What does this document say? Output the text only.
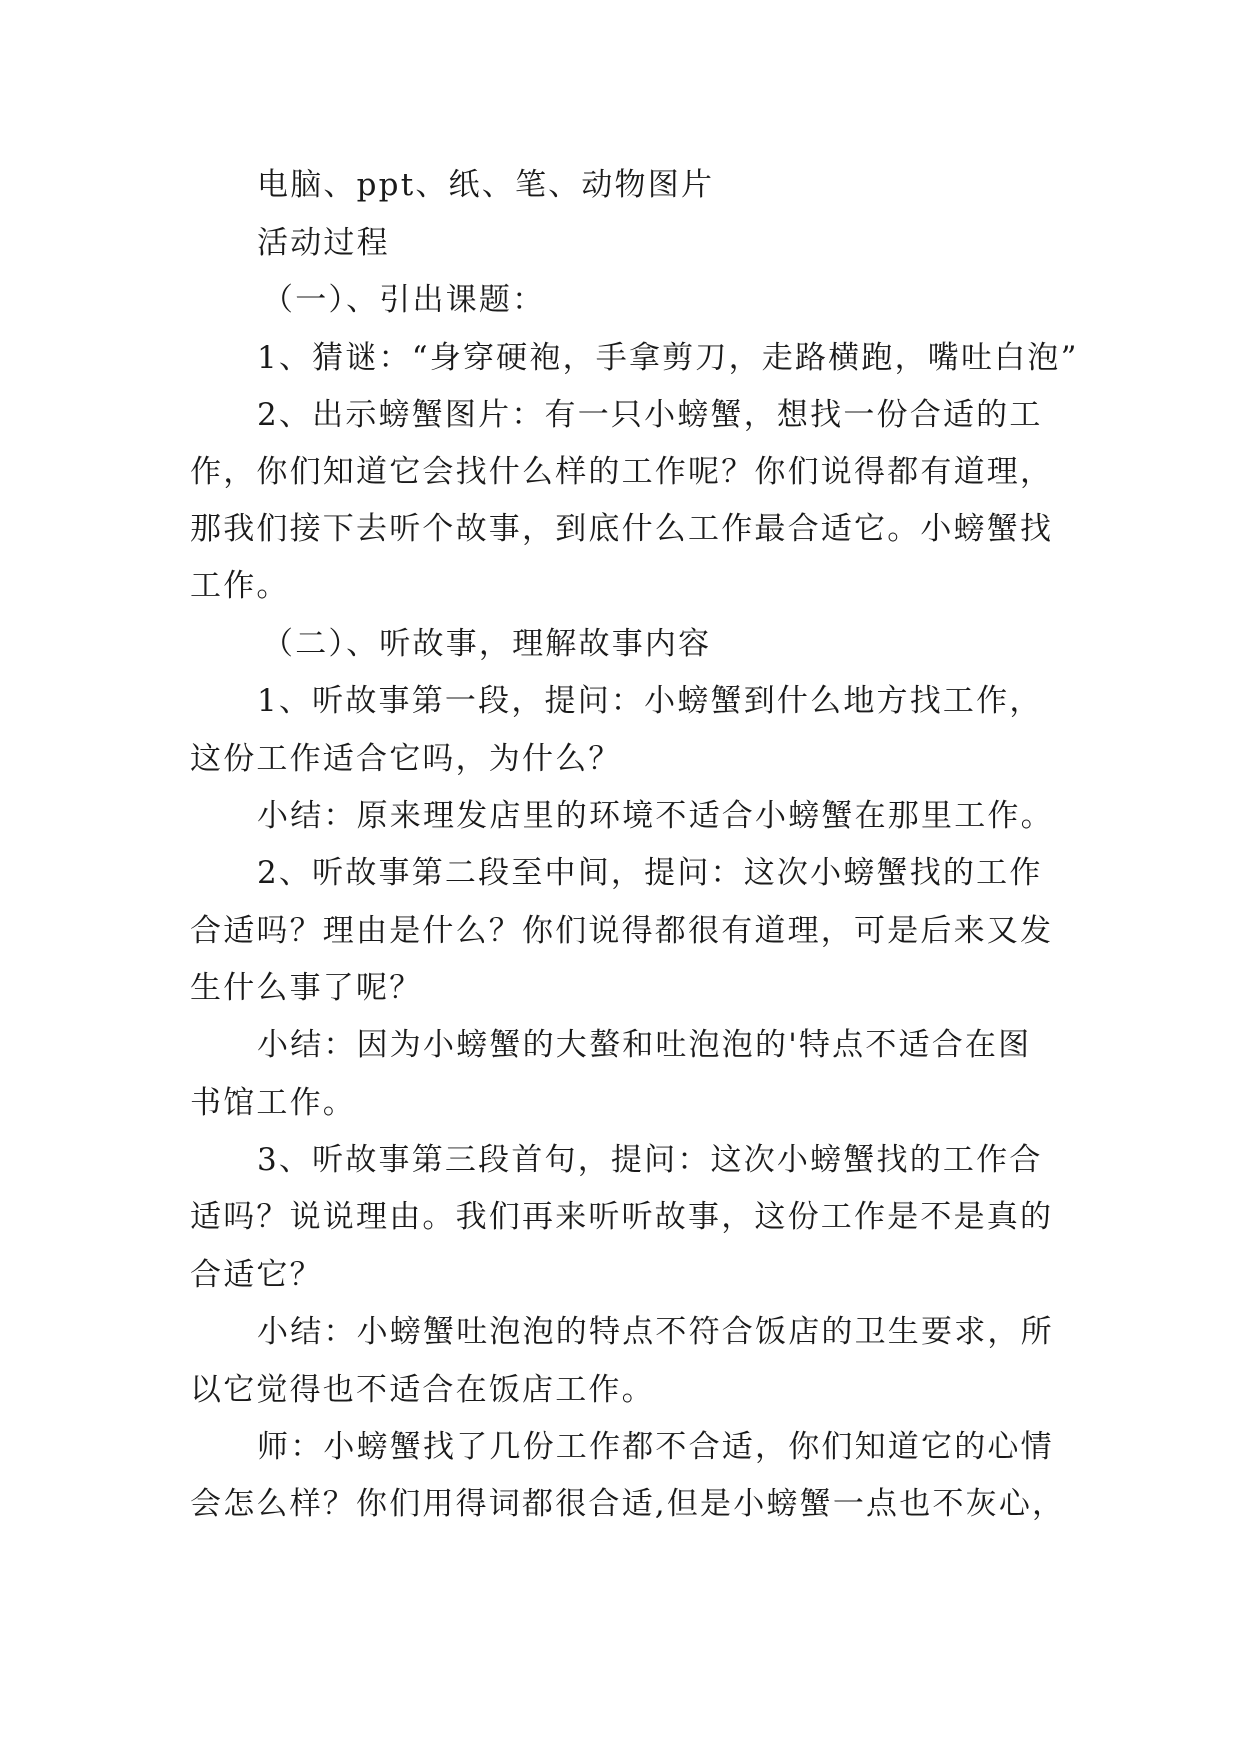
电脑、ppt、纸、笔、动物图片
活动过程
（一）、引出课题：
1、猜谜：“身穿硬袍，手拿剪刀，走路横跑，嘴吐白泡”
2、出示螃蟹图片：有一只小螃蟹，想找一份合适的工
作，你们知道它会找什么样的工作呢？你们说得都有道理，
那我们接下去听个故事，到底什么工作最合适它。小螃蟹找
工作。
（二）、听故事，理解故事内容
1、听故事第一段，提问：小螃蟹到什么地方找工作，
这份工作适合它吗，为什么？
小结：原来理发店里的环境不适合小螃蟹在那里工作。
2、听故事第二段至中间，提问：这次小螃蟹找的工作
合适吗？理由是什么？你们说得都很有道理，可是后来又发
生什么事了呢？
小结：因为小螃蟹的大螯和吐泡泡的'特点不适合在图
书馆工作。
3、听故事第三段首句，提问：这次小螃蟹找的工作合
适吗？说说理由。我们再来听听故事，这份工作是不是真的
合适它？
小结：小螃蟹吐泡泡的特点不符合饭店的卫生要求，所
以它觉得也不适合在饭店工作。
师：小螃蟹找了几份工作都不合适，你们知道它的心情
会怎么样？你们用得词都很合适,但是小螃蟹一点也不灰心，
